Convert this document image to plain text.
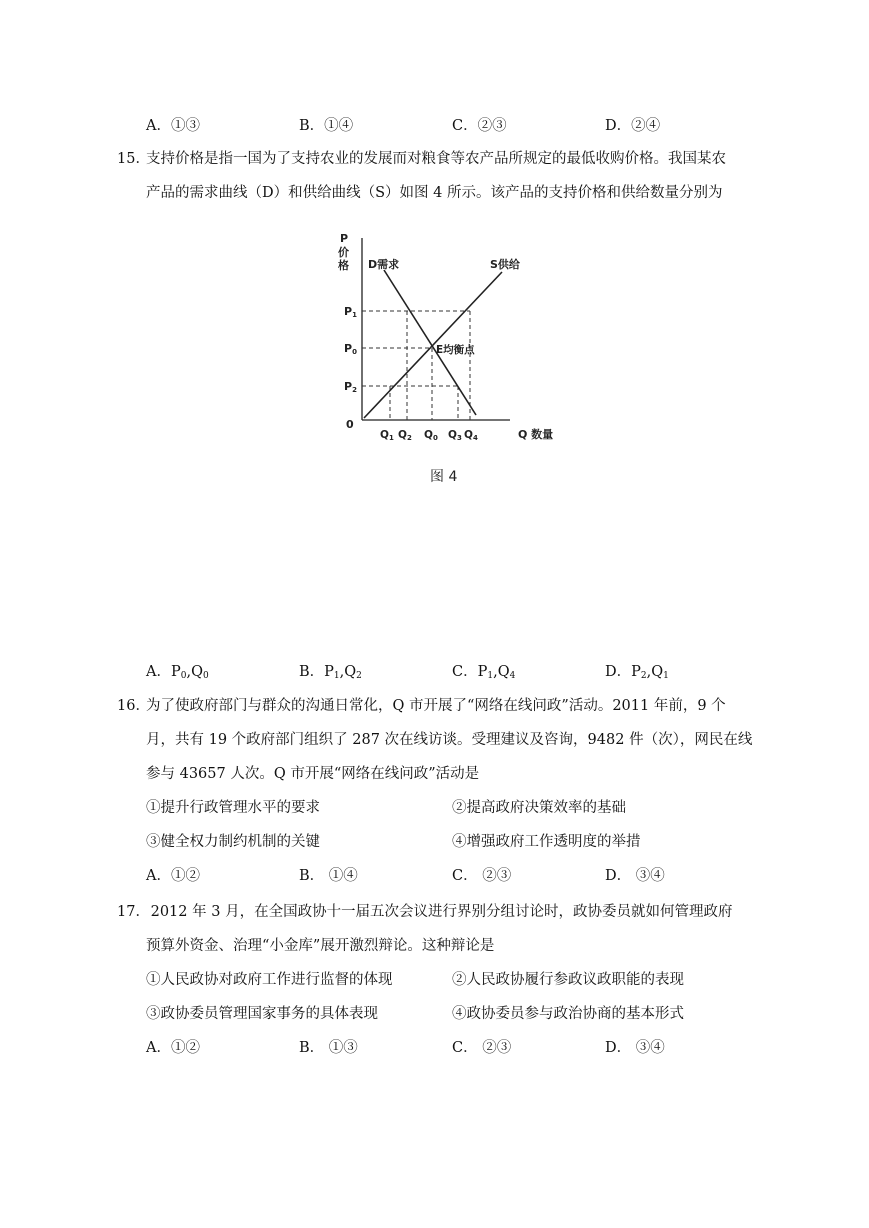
A．①③	B．①④	C．②③	D．②④
15．
支持价格是指一国为了支持农业的发展而对粮食等农产品所规定的最低收购价格。我国某农
产品的需求曲线（D）和供给曲线（S）如图 4 所示。该产品的支持价格和供给数量分别为
P
价
格 D需求	S供给
E均衡点
P1
P0
P2
0
Q1 Q2 Q0 Q3 Q4	Q 数量
图 4
A．$P_0,Q_0$	B．$P_1,Q_2$	C．$P_1,Q_4$	D．$P_2,Q_1$
16．
为了使政府部门与群众的沟通日常化，Q 市开展了“网络在线问政”活动。2011 年前，9 个
月，共有 19 个政府部门组织了 287 次在线访谈。受理建议及咨询，9482 件（次），网民在线
参与 43657 人次。Q 市开展“网络在线问政”活动是
①提升行政管理水平的要求	②提高政府决策效率的基础
③健全权力制约机制的关键	④增强政府工作透明度的举措
A．①②	B． ①④	C． ②③	D． ③④
17．
2012 年 3 月，在全国政协十一届五次会议进行界别分组讨论时，政协委员就如何管理政府
预算外资金、治理“小金库”展开激烈辩论。这种辩论是
①人民政协对政府工作进行监督的体现	②人民政协履行参政议政职能的表现
③政协委员管理国家事务的具体表现	④政协委员参与政治协商的基本形式
A．①②	B． ①③	C． ②③	D． ③④
